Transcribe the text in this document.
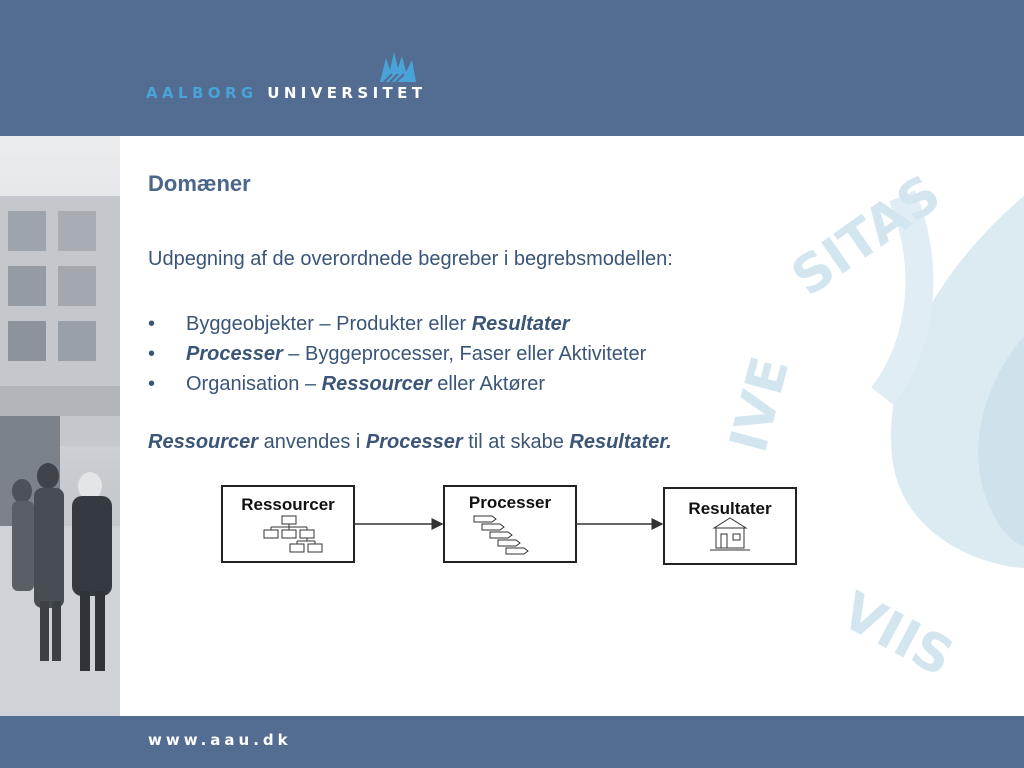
AALBORG UNIVERSITET
SITAS
IVE
VIIS
Domæner

Udpegning af de overordnede begreber i begrebsmodellen:

• Byggeobjekter – Produkter eller Resultater
• Processer – Byggeprocesser, Faser eller Aktiviteter
• Organisation – Ressourcer eller Aktører

Ressourcer anvendes i Processer til at skabe Resultater.

Ressourcer	Processer	Resultater
www.aau.dk
